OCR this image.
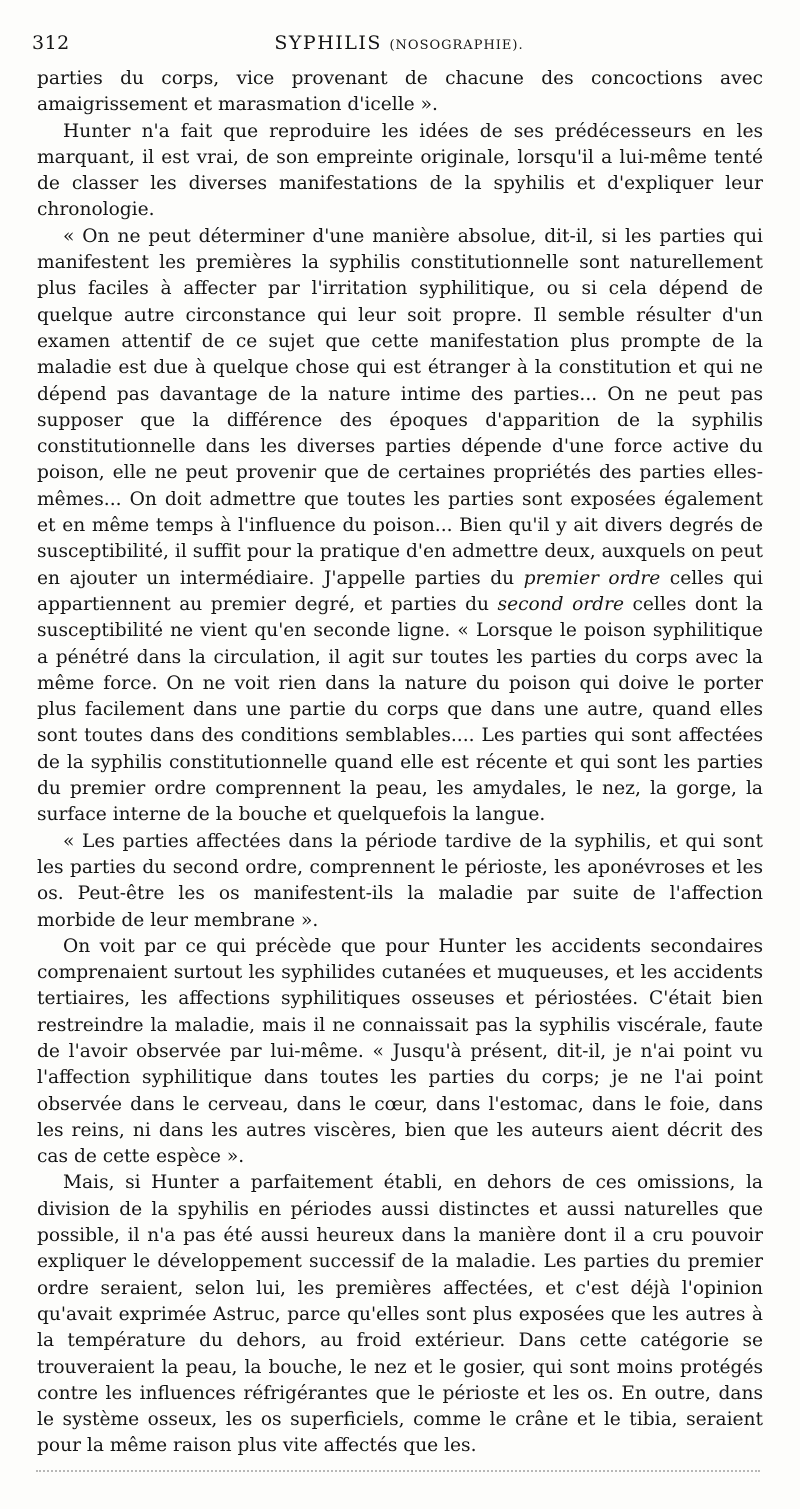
312	SYPHILIS (NOSOGRAPHIE).

parties du corps, vice provenant de chacune des concoctions avec amaigrissement et marasmation d'icelle ».

Hunter n'a fait que reproduire les idées de ses prédécesseurs en les marquant, il est vrai, de son empreinte originale, lorsqu'il a lui-même tenté de classer les diverses manifestations de la spyhilis et d'expliquer leur chronologie.

« On ne peut déterminer d'une manière absolue, dit-il, si les parties qui manifestent les premières la syphilis constitutionnelle sont naturellement plus faciles à affecter par l'irritation syphilitique, ou si cela dépend de quelque autre circonstance qui leur soit propre. Il semble résulter d'un examen attentif de ce sujet que cette manifestation plus prompte de la maladie est due à quelque chose qui est étranger à la constitution et qui ne dépend pas davantage de la nature intime des parties... On ne peut pas supposer que la différence des époques d'apparition de la syphilis constitutionnelle dans les diverses parties dépende d'une force active du poison, elle ne peut provenir que de certaines propriétés des parties elles-mêmes... On doit admettre que toutes les parties sont exposées également et en même temps à l'influence du poison... Bien qu'il y ait divers degrés de susceptibilité, il suffit pour la pratique d'en admettre deux, auxquels on peut en ajouter un intermédiaire. J'appelle parties du premier ordre celles qui appartiennent au premier degré, et parties du second ordre celles dont la susceptibilité ne vient qu'en seconde ligne. « Lorsque le poison syphilitique a pénétré dans la circulation, il agit sur toutes les parties du corps avec la même force. On ne voit rien dans la nature du poison qui doive le porter plus facilement dans une partie du corps que dans une autre, quand elles sont toutes dans des conditions semblables.... Les parties qui sont affectées de la syphilis constitutionnelle quand elle est récente et qui sont les parties du premier ordre comprennent la peau, les amydales, le nez, la gorge, la surface interne de la bouche et quelquefois la langue.

« Les parties affectées dans la période tardive de la syphilis, et qui sont les parties du second ordre, comprennent le périoste, les aponévroses et les os. Peut-être les os manifestent-ils la maladie par suite de l'affection morbide de leur membrane ».

On voit par ce qui précède que pour Hunter les accidents secondaires comprenaient surtout les syphilides cutanées et muqueuses, et les accidents tertiaires, les affections syphilitiques osseuses et périostées. C'était bien restreindre la maladie, mais il ne connaissait pas la syphilis viscérale, faute de l'avoir observée par lui-même. « Jusqu'à présent, dit-il, je n'ai point vu l'affection syphilitique dans toutes les parties du corps; je ne l'ai point observée dans le cerveau, dans le cœur, dans l'estomac, dans le foie, dans les reins, ni dans les autres viscères, bien que les auteurs aient décrit des cas de cette espèce ».

Mais, si Hunter a parfaitement établi, en dehors de ces omissions, la division de la spyhilis en périodes aussi distinctes et aussi naturelles que possible, il n'a pas été aussi heureux dans la manière dont il a cru pouvoir expliquer le développement successif de la maladie. Les parties du premier ordre seraient, selon lui, les premières affectées, et c'est déjà l'opinion qu'avait exprimée Astruc, parce qu'elles sont plus exposées que les autres à la température du dehors, au froid extérieur. Dans cette catégorie se trouveraient la peau, la bouche, le nez et le gosier, qui sont moins protégés contre les influences réfrigérantes que le périoste et les os. En outre, dans le système osseux, les os superficiels, comme le crâne et le tibia, seraient pour la même raison plus vite affectés que les.
